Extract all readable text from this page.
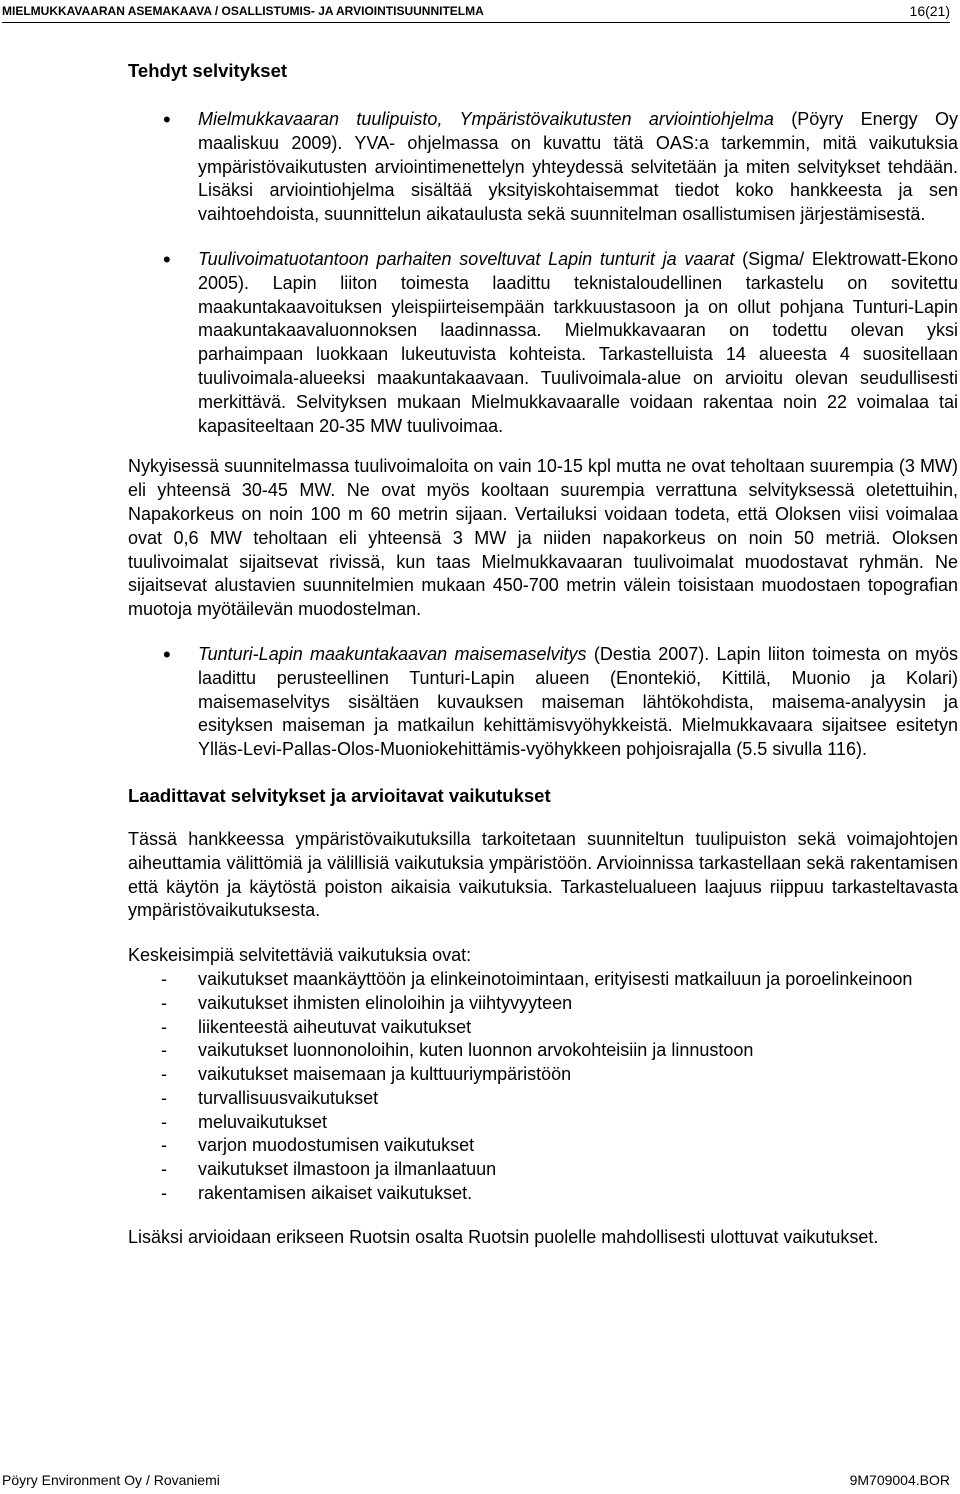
MIELMUKKAVAARAN ASEMAKAAVA / OSALLISTUMIS- JA ARVIOINTISUUNNITELMA	16(21)
Tehdyt selvitykset
• Mielmukkavaaran tuulipuisto, Ympäristövaikutusten arviointiohjelma (Pöyry Energy Oy maaliskuu 2009). YVA- ohjelmassa on kuvattu tätä OAS:a tarkemmin, mitä vaikutuksia ympäristövaikutusten arviointimenettelyn yhteydessä selvitetään ja miten selvitykset tehdään. Lisäksi arviointiohjelma sisältää yksityiskohtaisemmat tiedot koko hankkeesta ja sen vaihtoehdoista, suunnittelun aikataulusta sekä suunnitelman osallistumisen järjestämisestä.
• Tuulivoimatuotantoon parhaiten soveltuvat Lapin tunturit ja vaarat (Sigma/ Elektrowatt-Ekono 2005). Lapin liiton toimesta laadittu teknistaloudellinen tarkastelu on sovitettu maakuntakaavoituksen yleispiirteisempään tarkkuustasoon ja on ollut pohjana Tunturi-Lapin maakuntakaavaluonnoksen laadinnassa. Mielmukkavaaran on todettu olevan yksi parhaimpaan luokkaan lukeutuvista kohteista. Tarkastelluista 14 alueesta 4 suositellaan tuulivoimala-alueeksi maakuntakaavaan. Tuulivoimala-alue on arvioitu olevan seudullisesti merkittävä. Selvityksen mukaan Mielmukkavaaralle voidaan rakentaa noin 22 voimalaa tai kapasiteeltaan 20-35 MW tuulivoimaa.

Nykyisessä suunnitelmassa tuulivoimaloita on vain 10-15 kpl mutta ne ovat teholtaan suurempia (3 MW) eli yhteensä 30-45 MW. Ne ovat myös kooltaan suurempia verrattuna selvityksessä oletettuihin, Napakorkeus on noin 100 m 60 metrin sijaan. Vertailuksi voidaan todeta, että Oloksen viisi voimalaa ovat 0,6 MW teholtaan eli yhteensä 3 MW ja niiden napakorkeus on noin 50 metriä. Oloksen tuulivoimalat sijaitsevat rivissä, kun taas Mielmukkavaaran tuulivoimalat muodostavat ryhmän. Ne sijaitsevat alustavien suunnitelmien mukaan 450-700 metrin välein toisistaan muodostaen topografian muotoja myötäilevän muodostelman.

• Tunturi-Lapin maakuntakaavan maisemaselvitys (Destia 2007). Lapin liiton toimesta on myös laadittu perusteellinen Tunturi-Lapin alueen (Enontekiö, Kittilä, Muonio ja Kolari) maisemaselvitys sisältäen kuvauksen maiseman lähtökohdista, maisema-analyysin ja esityksen maiseman ja matkailun kehittämisvyöhykkeistä. Mielmukkavaara sijaitsee esitetyn Ylläs-Levi-Pallas-Olos-Muoniokehittämis-vyöhykkeen pohjoisrajalla (5.5 sivulla 116).
Laadittavat selvitykset ja arvioitavat vaikutukset

Tässä hankkeessa ympäristövaikutuksilla tarkoitetaan suunniteltun tuulipuiston sekä voimajohtojen aiheuttamia välittömiä ja välillisiä vaikutuksia ympäristöön. Arvioinnissa tarkastellaan sekä rakentamisen että käytön ja käytöstä poiston aikaisia vaikutuksia. Tarkastelualueen laajuus riippuu tarkasteltavasta ympäristövaikutuksesta.

Keskeisimpiä selvitettäviä vaikutuksia ovat:

- vaikutukset maankäyttöön ja elinkeinotoimintaan, erityisesti matkailuun ja poroelinkeinoon
- vaikutukset ihmisten elinoloihin ja viihtyvyyteen
- liikenteestä aiheutuvat vaikutukset
- vaikutukset luonnonoloihin, kuten luonnon arvokohteisiin ja linnustoon
- vaikutukset maisemaan ja kulttuuriympäristöön
- turvallisuusvaikutukset
- meluvaikutukset
- varjon muodostumisen vaikutukset
- vaikutukset ilmastoon ja ilmanlaatuun
- rakentamisen aikaiset vaikutukset.

Lisäksi arvioidaan erikseen Ruotsin osalta Ruotsin puolelle mahdollisesti ulottuvat vaikutukset.

Pöyry Environment Oy / Rovaniemi	9M709004.BOR
